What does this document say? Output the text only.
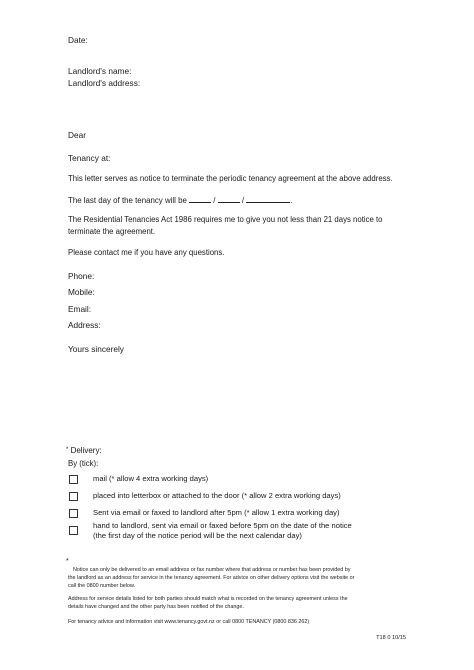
Date:
Landlord's name:
Landlord's address:
Dear
Tenancy at:
This letter serves as notice to terminate the periodic tenancy agreement at the above address.
The last day of the tenancy will be	/	/	.
The Residential Tenancies Act 1986 requires me to give you not less than 21 days notice to
terminate the agreement.
Please contact me if you have any questions.
Phone:
Mobile:
Email:
Address:
Yours sincerely
* Delivery:
By (tick):
mail (* allow 4 extra working days)
placed into letterbox or attached to the door (* allow 2 extra working days)
Sent via email or faxed to landlord after 5pm (* allow 1 extra working day)
hand to landlord, sent via email or faxed before 5pm on the date of the notice
(the first day of the notice period will be the next calendar day)
*
Notice can only be delivered to an email address or fax number where that address or number has been provided by
the landlord as an address for service in the tenancy agreement. For advice on other delivery options visit the website or
call the 0800 number below.
Address for service details listed for both parties should match what is recorded on the tenancy agreement unless the
details have changed and the other party has been notified of the change.
For tenancy advice and information visit www.tenancy.govt.nz or call 0800 TENANCY (0800 836 262)
T18 0 10/15
